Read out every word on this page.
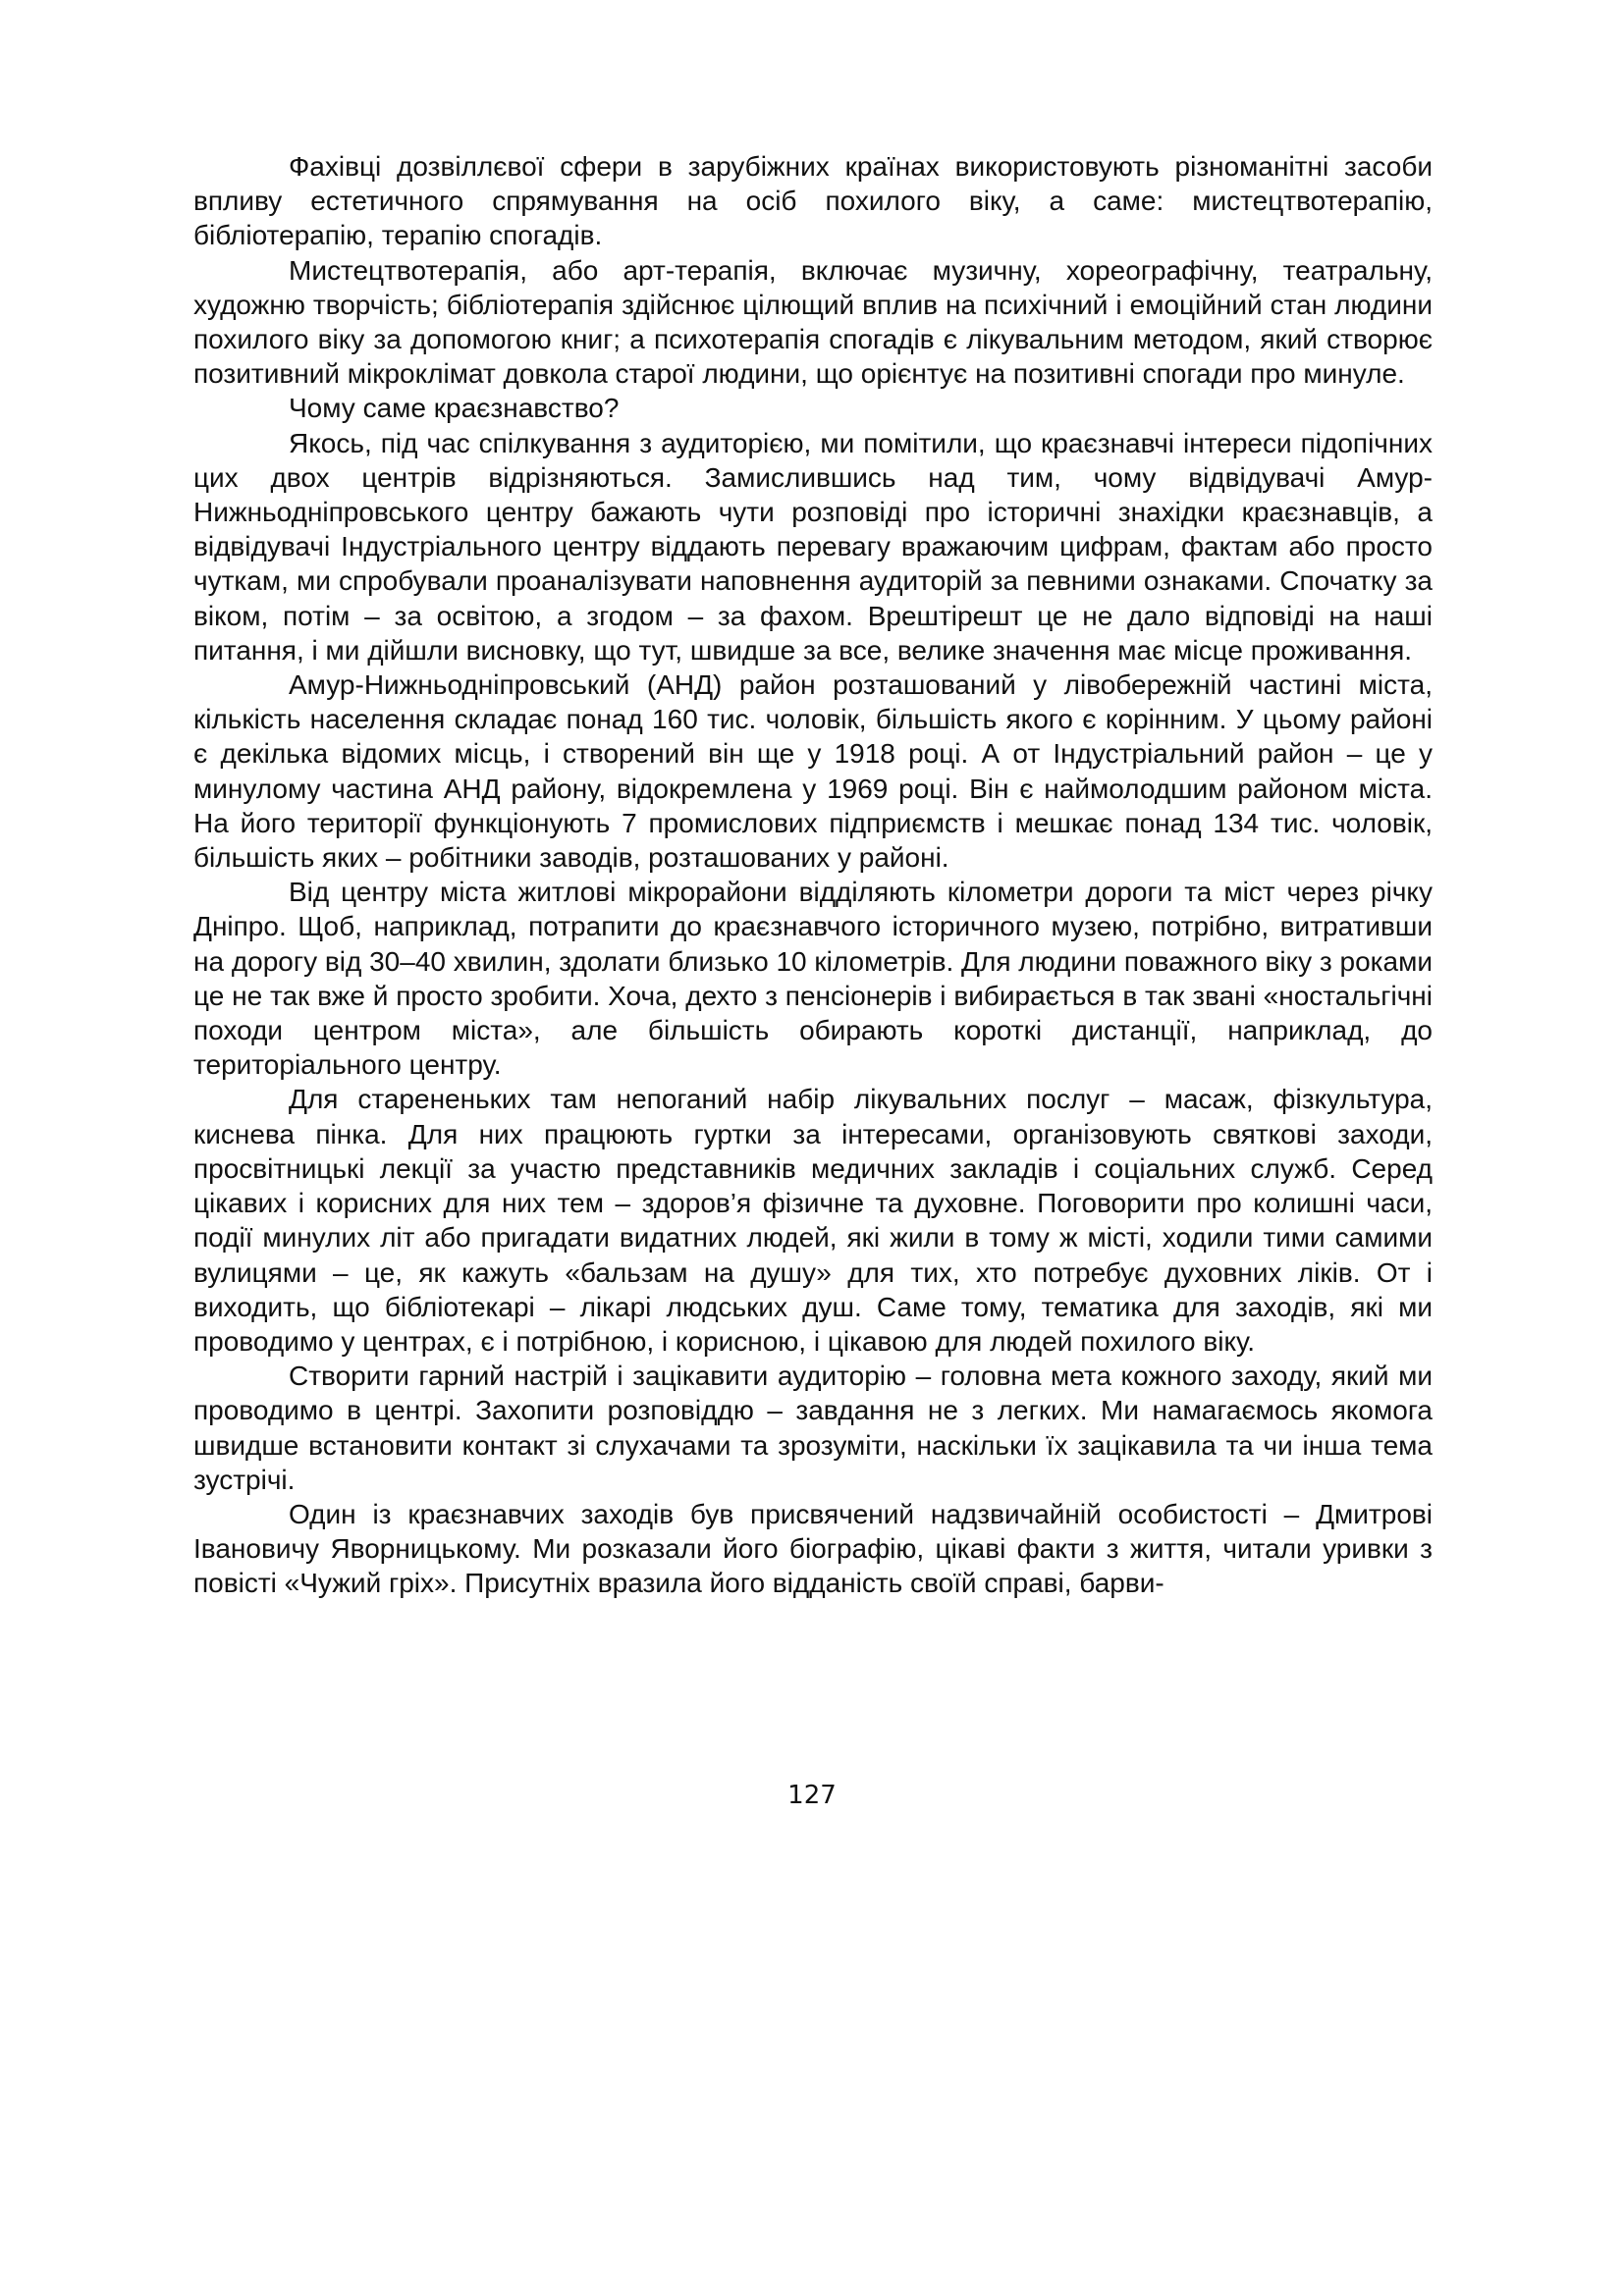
Фахівці дозвіллєвої сфери в зарубіжних країнах використовують різноманітні засоби впливу естетичного спрямування на осіб похилого віку, а саме: мистецтвотерапію, бібліотерапію, терапію спогадів.

Мистецтвотерапія, або арт-терапія, включає музичну, хореографічну, театральну, художню творчість; бібліотерапія здійснює цілющий вплив на психічний і емоційний стан людини похилого віку за допомогою книг; а психотерапія спогадів є лікувальним методом, який створює позитивний мікроклімат довкола старої людини, що орієнтує на позитивні спогади про минуле.

Чому саме краєзнавство?

Якось, під час спілкування з аудиторією, ми помітили, що краєзнавчі інтереси підопічних цих двох центрів відрізняються. Замислившись над тим, чому відвідувачі Амур-Нижньодніпровського центру бажають чути розповіді про історичні знахідки краєзнавців, а відвідувачі Індустріального центру віддають перевагу вражаючим цифрам, фактам або просто чуткам, ми спробували проаналізувати наповнення аудиторій за певними ознаками. Спочатку за віком, потім – за освітою, а згодом – за фахом. Врештірешт це не дало відповіді на наші питання, і ми дійшли висновку, що тут, швидше за все, велике значення має місце проживання.

Амур-Нижньодніпровський (АНД) район розташований у лівобережній частині міста, кількість населення складає понад 160 тис. чоловік, більшість якого є корінним. У цьому районі є декілька відомих місць, і створений він ще у 1918 році. А от Індустріальний район – це у минулому частина АНД району, відокремлена у 1969 році. Він є наймолодшим районом міста. На його території функціонують 7 промислових підприємств і мешкає понад 134 тис. чоловік, більшість яких – робітники заводів, розташованих у районі.

Від центру міста житлові мікрорайони відділяють кілометри дороги та міст через річку Дніпро. Щоб, наприклад, потрапити до краєзнавчого історичного музею, потрібно, витративши на дорогу від 30–40 хвилин, здолати близько 10 кілометрів. Для людини поважного віку з роками це не так вже й просто зробити. Хоча, дехто з пенсіонерів і вибирається в так звані «ностальгічні походи центром міста», але більшість обирають короткі дистанції, наприклад, до територіального центру.

Для старененьких там непоганий набір лікувальних послуг – масаж, фізкультура, киснева пінка. Для них працюють гуртки за інтересами, організовують святкові заходи, просвітницькі лекції за участю представників медичних закладів і соціальних служб. Серед цікавих і корисних для них тем – здоров’я фізичне та духовне. Поговорити про колишні часи, події минулих літ або пригадати видатних людей, які жили в тому ж місті, ходили тими самими вулицями – це, як кажуть «бальзам на душу» для тих, хто потребує духовних ліків. От і виходить, що бібліотекарі – лікарі людських душ. Саме тому, тематика для заходів, які ми проводимо у центрах, є і потрібною, і корисною, і цікавою для людей похилого віку.

Створити гарний настрій і зацікавити аудиторію – головна мета кожного заходу, який ми проводимо в центрі. Захопити розповіддю – завдання не з легких. Ми намагаємось якомога швидше встановити контакт зі слухачами та зрозуміти, наскільки їх зацікавила та чи інша тема зустрічі.

Один із краєзнавчих заходів був присвячений надзвичайній особистості – Дмитрові Івановичу Яворницькому. Ми розказали його біографію, цікаві факти з життя, читали уривки з повісті «Чужий гріх». Присутніх вразила його відданість своїй справі, барви-

127
